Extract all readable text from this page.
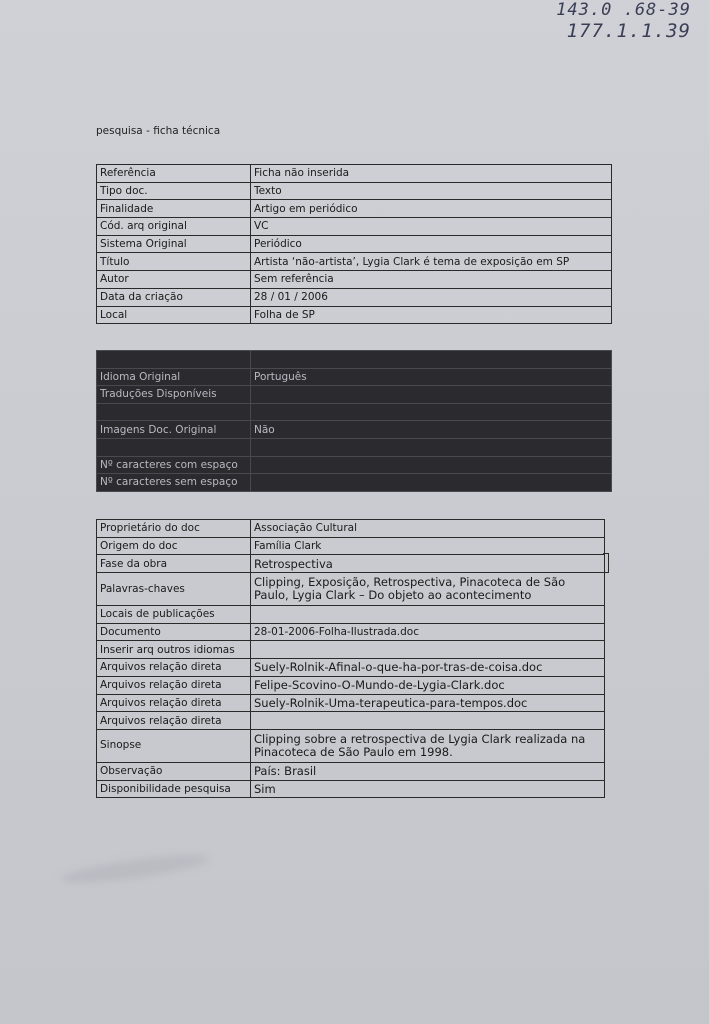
143.0 .68-39
177.1.1.39
pesquisa - ficha técnica
Referência	Ficha não inserida
Tipo doc.	Texto
Finalidade	Artigo em periódico
Cód. arq original	VC
Sistema Original	Periódico
Título	Artista ‘não-artista’, Lygia Clark é tema de exposição em SP
Autor	Sem referência
Data da criação	28 / 01 / 2006
Local	Folha de SP

Idioma Original	Português
Traduções Disponíveis	

Imagens Doc. Original	Não

Nº caracteres com espaço	
Nº caracteres sem espaço	
Proprietário do doc	Associação Cultural
Origem do doc	Família Clark
Fase da obra	Retrospectiva
Palavras-chaves	Clipping, Exposição, Retrospectiva, Pinacoteca de São Paulo, Lygia Clark – Do objeto ao acontecimento
Locais de publicações	
Documento	28-01-2006-Folha-Ilustrada.doc
Inserir arq outros idiomas	
Arquivos relação direta	Suely-Rolnik-Afinal-o-que-ha-por-tras-de-coisa.doc
Arquivos relação direta	Felipe-Scovino-O-Mundo-de-Lygia-Clark.doc
Arquivos relação direta	Suely-Rolnik-Uma-terapeutica-para-tempos.doc
Arquivos relação direta	
Sinopse	Clipping sobre a retrospectiva de Lygia Clark realizada na Pinacoteca de São Paulo em 1998.
Observação	País: Brasil
Disponibilidade pesquisa	Sim
